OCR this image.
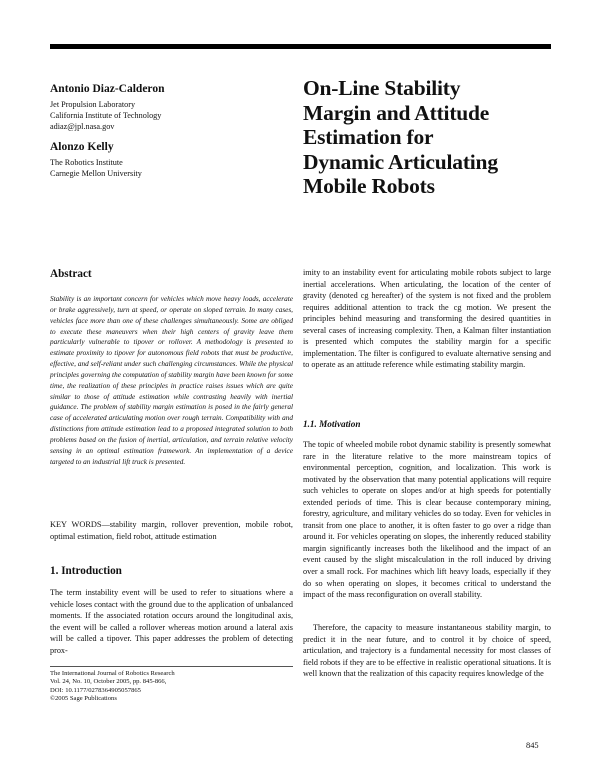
Antonio Diaz-Calderon
Jet Propulsion Laboratory
California Institute of Technology
adiaz@jpl.nasa.gov
Alonzo Kelly
The Robotics Institute
Carnegie Mellon University
On-Line Stability
Margin and Attitude
Estimation for
Dynamic Articulating
Mobile Robots
Abstract

Stability is an important concern for vehicles which move heavy loads, accelerate or brake aggressively, turn at speed, or operate on sloped terrain. In many cases, vehicles face more than one of these challenges simultaneously. Some are obliged to execute these maneuvers when their high centers of gravity leave them particularly vulnerable to tipover or rollover. A methodology is presented to estimate proximity to tipover for autonomous field robots that must be productive, effective, and self-reliant under such challenging circumstances. While the physical principles governing the computation of stability margin have been known for some time, the realization of these principles in practice raises issues which are quite similar to those of attitude estimation while contrasting heavily with inertial guidance. The problem of stability margin estimation is posed in the fairly general case of accelerated articulating motion over rough terrain. Compatibility with and distinctions from attitude estimation lead to a proposed integrated solution to both problems based on the fusion of inertial, articulation, and terrain relative velocity sensing in an optimal estimation framework. An implementation of a device targeted to an industrial lift truck is presented.

KEY WORDS—stability margin, rollover prevention, mobile robot, optimal estimation, field robot, attitude estimation

1. Introduction

The term instability event will be used to refer to situations where a vehicle loses contact with the ground due to the application of unbalanced moments. If the associated rotation occurs around the longitudinal axis, the event will be called a rollover whereas motion around a lateral axis will be called a tipover. This paper addresses the problem of detecting prox-

The International Journal of Robotics Research
Vol. 24, No. 10, October 2005, pp. 845-866,
DOI: 10.1177/0278364905057865
©2005 Sage Publications

imity to an instability event for articulating mobile robots subject to large inertial accelerations. When articulating, the location of the center of gravity (denoted cg hereafter) of the system is not fixed and the problem requires additional attention to track the cg motion. We present the principles behind measuring and transforming the desired quantities in several cases of increasing complexity. Then, a Kalman filter instantiation is presented which computes the stability margin for a specific implementation. The filter is configured to evaluate alternative sensing and to operate as an attitude reference while estimating stability margin.

1.1. Motivation

The topic of wheeled mobile robot dynamic stability is presently somewhat rare in the literature relative to the more mainstream topics of environmental perception, cognition, and localization. This work is motivated by the observation that many potential applications will require such vehicles to operate on slopes and/or at high speeds for potentially extended periods of time. This is clear because contemporary mining, forestry, agriculture, and military vehicles do so today. Even for vehicles in transit from one place to another, it is often faster to go over a ridge than around it. For vehicles operating on slopes, the inherently reduced stability margin significantly increases both the likelihood and the impact of an event caused by the slight miscalculation in the roll induced by driving over a small rock. For machines which lift heavy loads, especially if they do so when operating on slopes, it becomes critical to understand the impact of the mass reconfiguration on overall stability.

Therefore, the capacity to measure instantaneous stability margin, to predict it in the near future, and to control it by choice of speed, articulation, and trajectory is a fundamental necessity for most classes of field robots if they are to be effective in realistic operational situations. It is well known that the realization of this capacity requires knowledge of the

845
